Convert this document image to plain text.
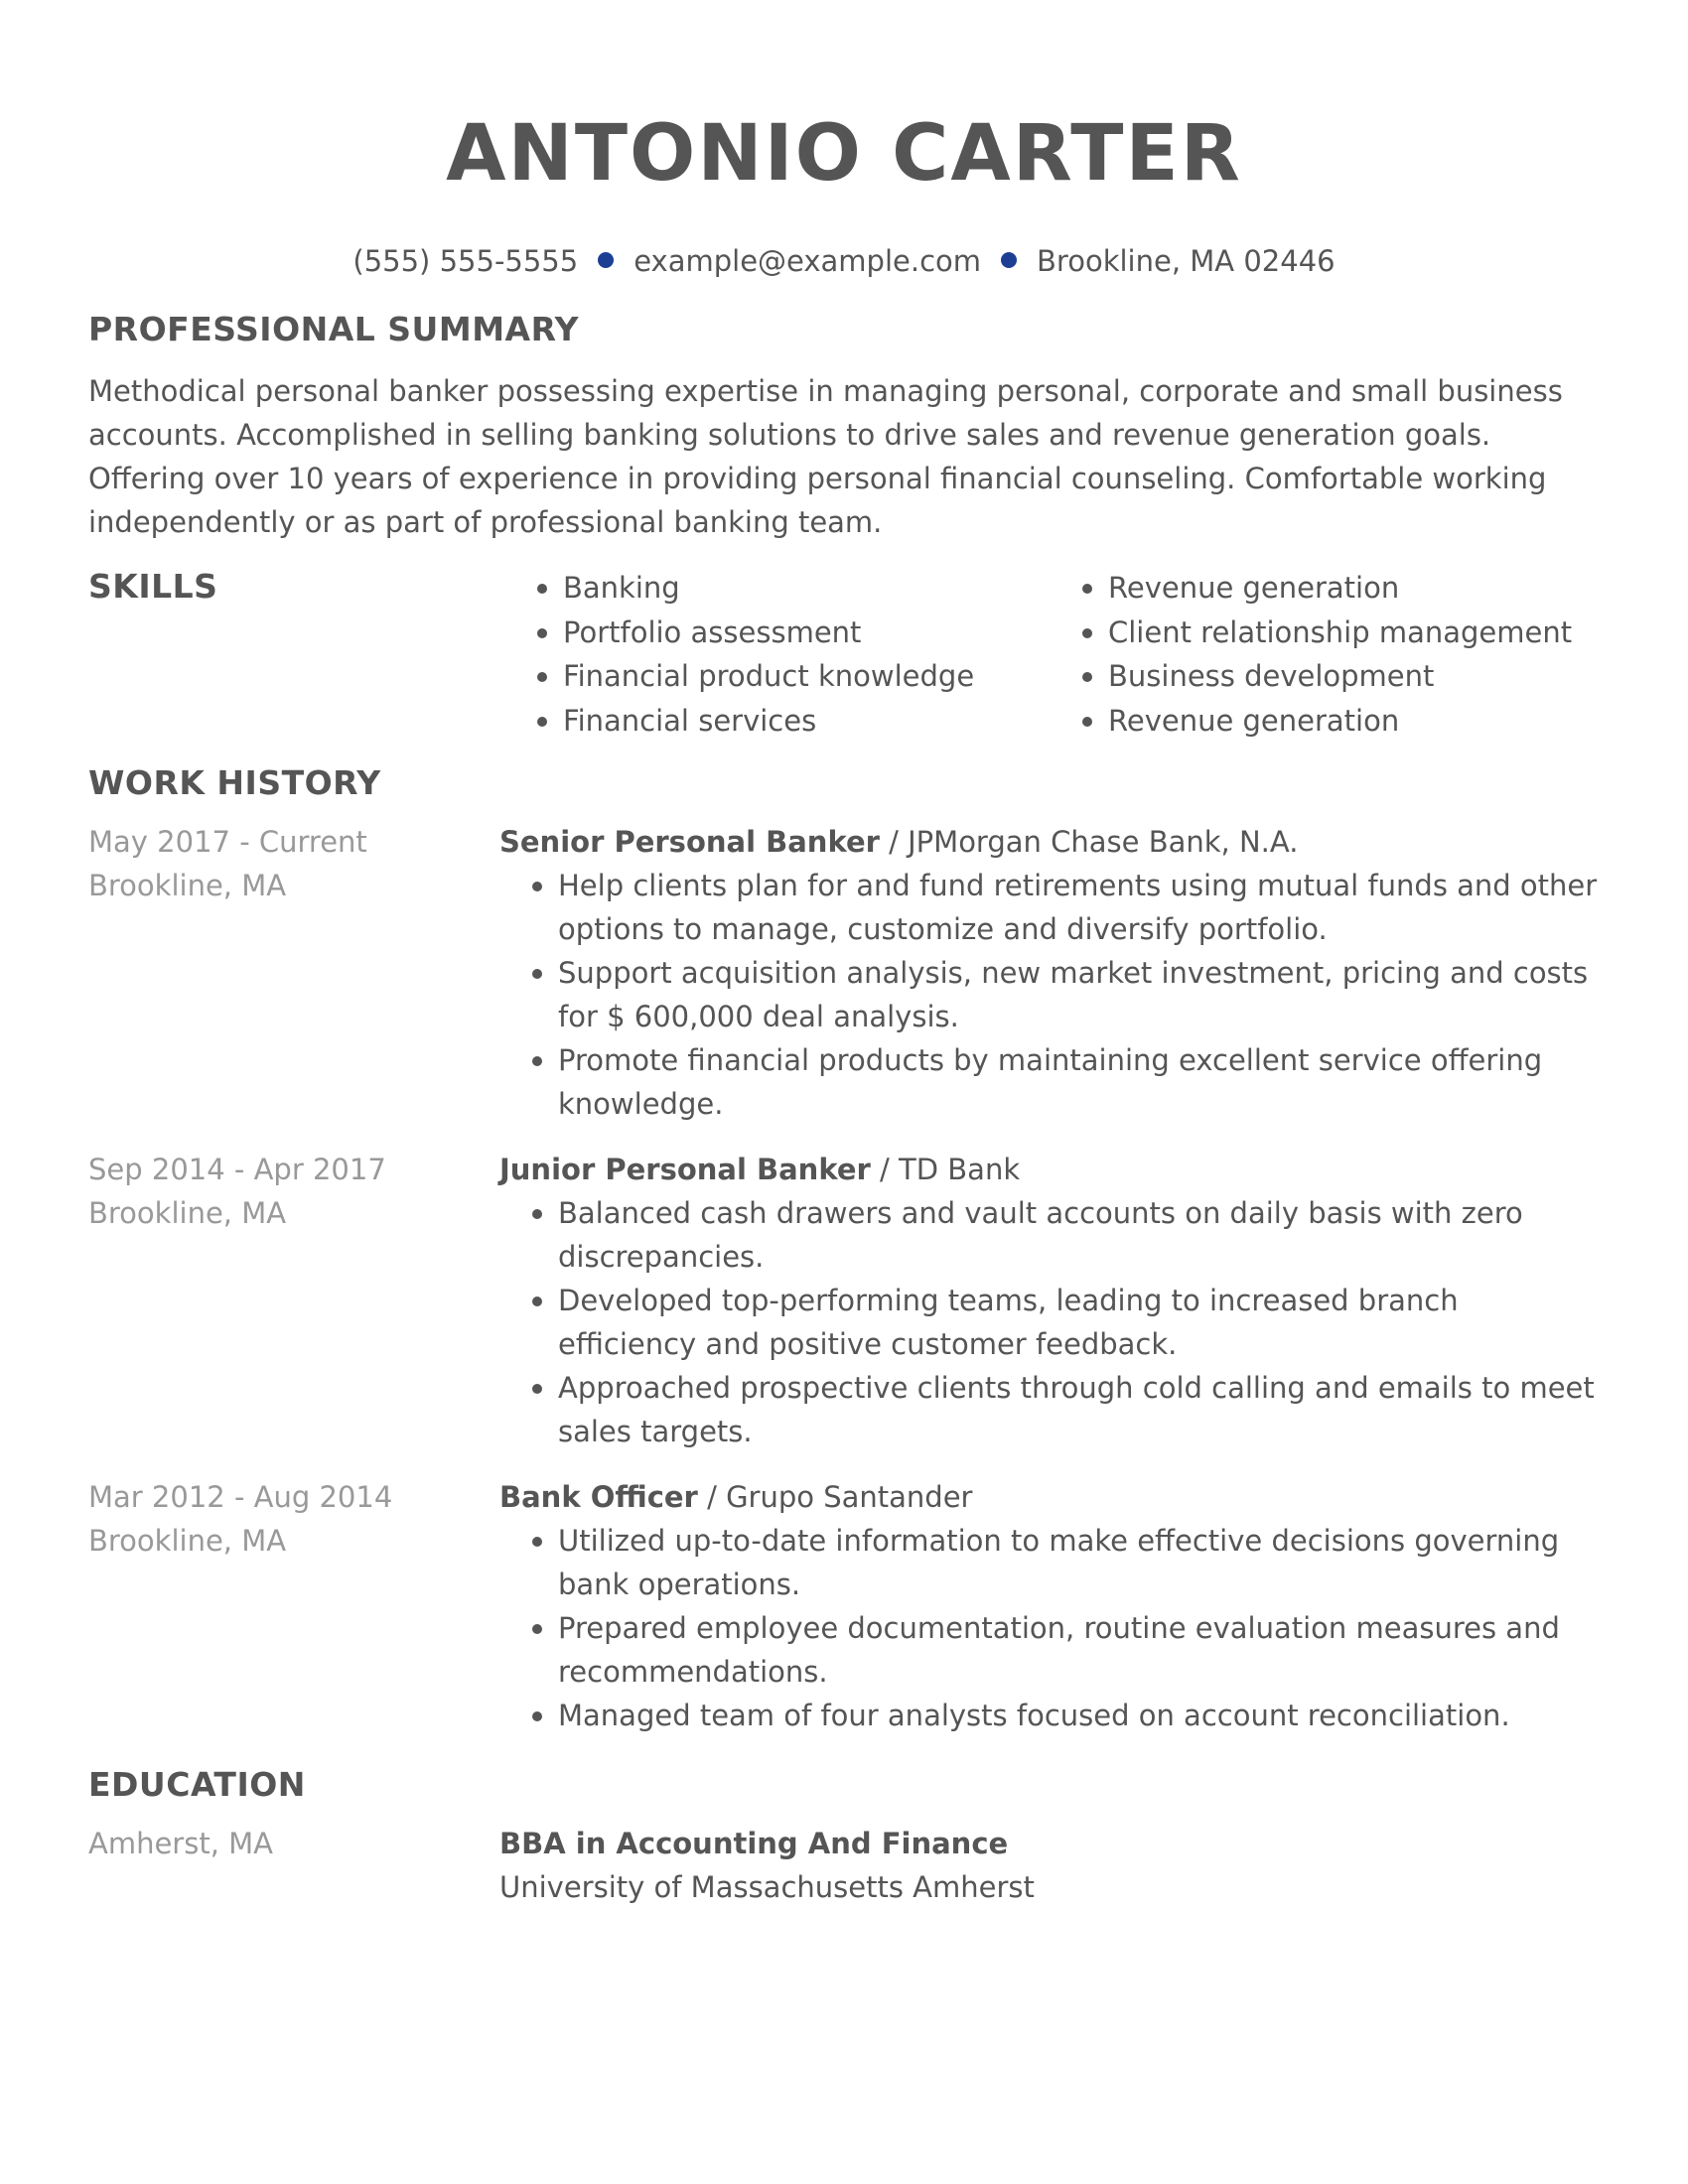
ANTONIO CARTER
(555) 555-5555 example@example.com Brookline, MA 02446
PROFESSIONAL SUMMARY

Methodical personal banker possessing expertise in managing personal, corporate and small business accounts. Accomplished in selling banking solutions to drive sales and revenue generation goals. Offering over 10 years of experience in providing personal financial counseling. Comfortable working independently or as part of professional banking team.

SKILLS	Banking
Portfolio assessment
Financial product knowledge
Financial services
Revenue generation
Client relationship management
Business development
Revenue generation
WORK HISTORY
May 2017 - Current
Brookline, MA
Senior Personal Banker / JPMorgan Chase Bank, N.A.
Help clients plan for and fund retirements using mutual funds and other options to manage, customize and diversify portfolio.
Support acquisition analysis, new market investment, pricing and costs for $ 600,000 deal analysis.
Promote financial products by maintaining excellent service offering knowledge.
Sep 2014 - Apr 2017
Brookline, MA
Junior Personal Banker / TD Bank
Balanced cash drawers and vault accounts on daily basis with zero discrepancies.
Developed top-performing teams, leading to increased branch efficiency and positive customer feedback.
Approached prospective clients through cold calling and emails to meet sales targets.
Mar 2012 - Aug 2014
Brookline, MA
Bank Officer / Grupo Santander
Utilized up-to-date information to make effective decisions governing bank operations.
Prepared employee documentation, routine evaluation measures and recommendations.
Managed team of four analysts focused on account reconciliation.
EDUCATION
Amherst, MA	BBA in Accounting And Finance
University of Massachusetts Amherst
